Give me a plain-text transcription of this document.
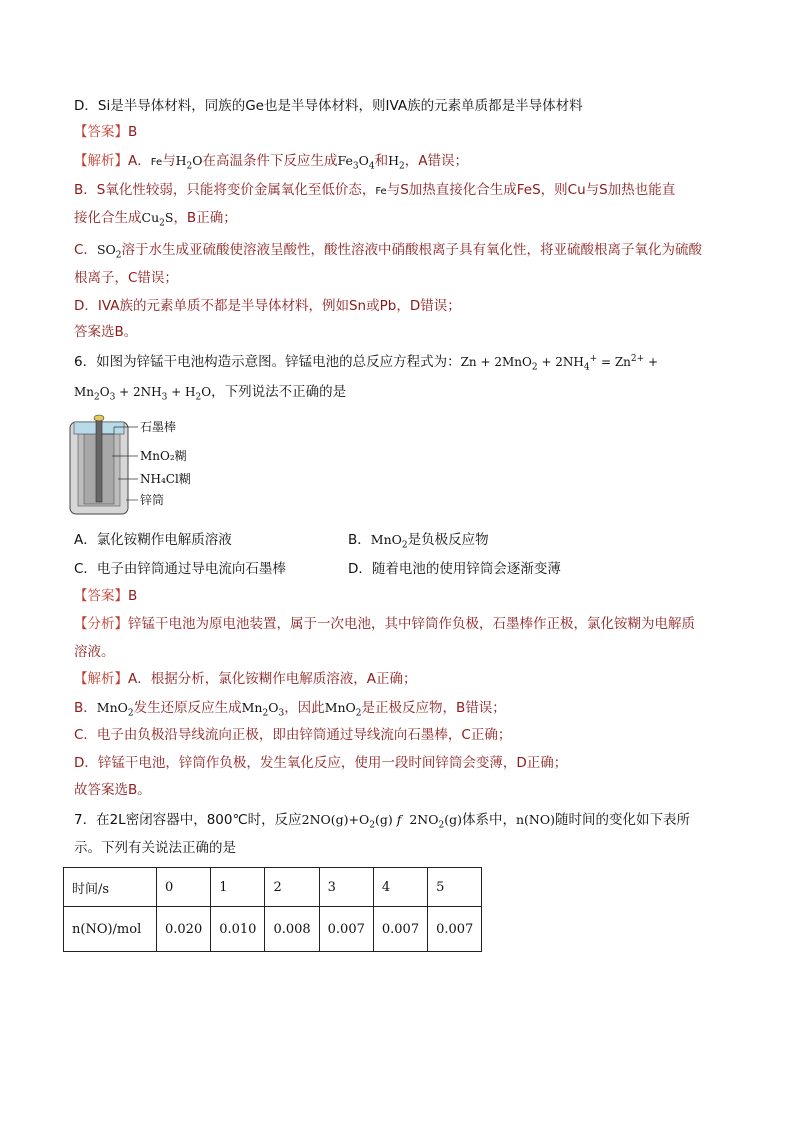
D．Si是半导体材料，同族的Ge也是半导体材料，则IVA族的元素单质都是半导体材料
【答案】B
【解析】A．Fe与$H_2O$在高温条件下反应生成$Fe_3O_4$和$H_2$，A错误；
B．S氧化性较弱，只能将变价金属氧化至低价态，Fe与S加热直接化合生成FeS，则Cu与S加热也能直
接化合生成$Cu_2S$，B正确；
C．$SO_2$溶于水生成亚硫酸使溶液呈酸性，酸性溶液中硝酸根离子具有氧化性，将亚硫酸根离子氧化为硫酸
根离子，C错误；
D．IVA族的元素单质不都是半导体材料，例如Sn或Pb，D错误；
答案选B。
6．如图为锌锰干电池构造示意图。锌锰电池的总反应方程式为：$Zn + 2MnO_2 + 2NH_4^+ = Zn^{2+}$ +
$Mn_2O_3 + 2NH_3 + H_2O$，下列说法不正确的是
石墨棒
MnO₂糊
NH₄Cl糊
锌筒
A．氯化铵糊作电解质溶液	B．MnO$_2$是负极反应物
C．电子由锌筒通过导电流向石墨棒	D．随着电池的使用锌筒会逐渐变薄
【答案】B
【分析】锌锰干电池为原电池装置，属于一次电池，其中锌筒作负极，石墨棒作正极，氯化铵糊为电解质
溶液。
【解析】A．根据分析，氯化铵糊作电解质溶液，A正确；
B．MnO$_2$发生还原反应生成$Mn_2O_3$，因此MnO$_2$是正极反应物，B错误；
C．电子由负极沿导线流向正极，即由锌筒通过导线流向石墨棒，C正确；
D．锌锰干电池，锌筒作负极，发生氧化反应，使用一段时间锌筒会变薄，D正确；
故答案选B。
7．在2L密闭容器中，800℃时，反应$2NO(g)+O_2(g)$ f  $2NO_2(g)$体系中，n(NO)随时间的变化如下表所
示。下列有关说法正确的是
时间/s	0	1	2	3	4	5
n(NO)/mol	0.020	0.010	0.008	0.007	0.007	0.007
